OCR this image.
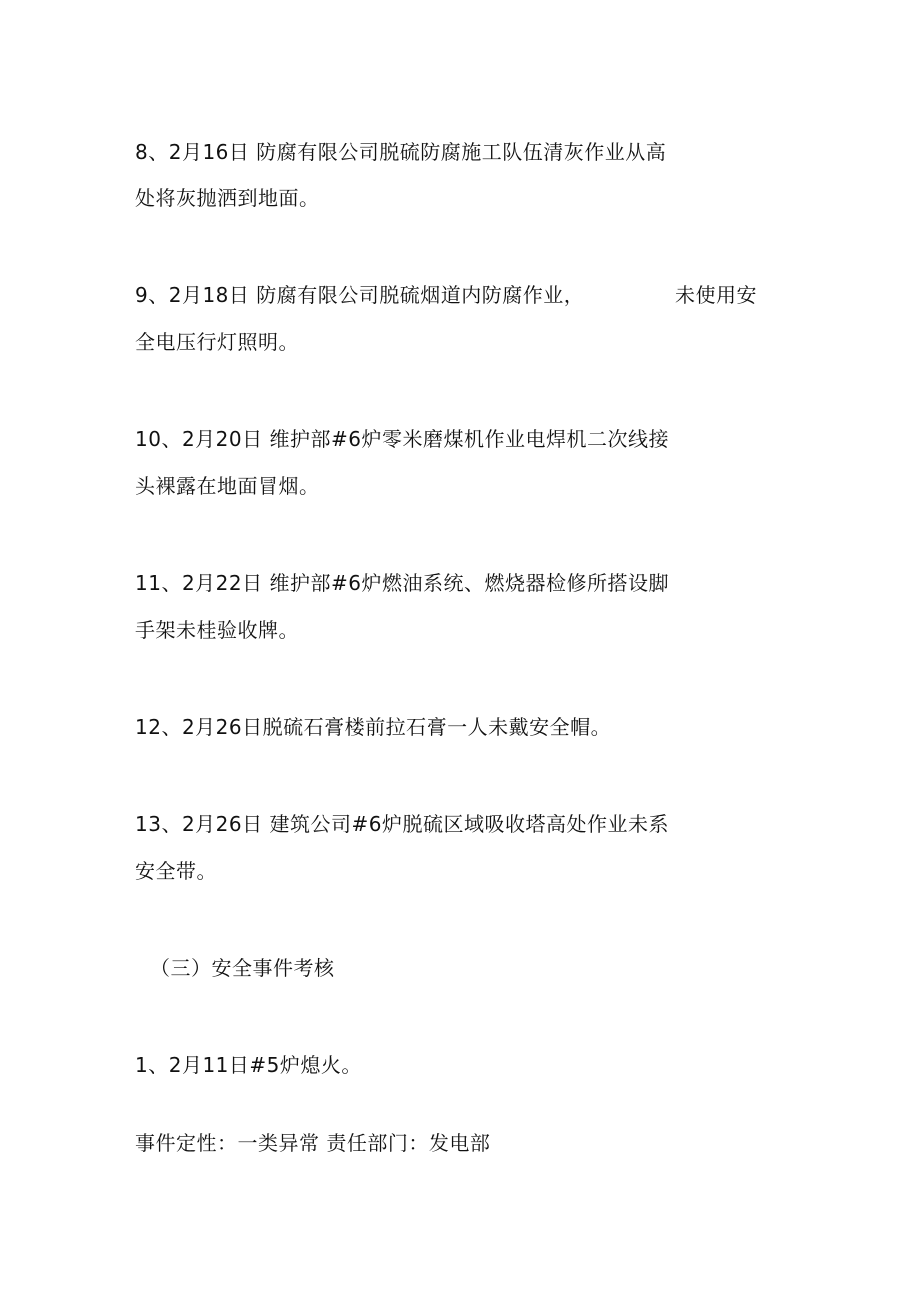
8、2月16日 防腐有限公司脱硫防腐施工队伍清灰作业从高
处将灰抛洒到地面。
9、2月18日 防腐有限公司脱硫烟道内防腐作业，	未使用安
全电压行灯照明。
10、2月20日 维护部#6炉零米磨煤机作业电焊机二次线接
头裸露在地面冒烟。
11、2月22日 维护部#6炉燃油系统、燃烧器检修所搭设脚
手架未桂验收牌。
12、2月26日脱硫石膏楼前拉石膏一人未戴安全帽。
13、2月26日 建筑公司#6炉脱硫区域吸收塔高处作业未系
安全带。
（三）安全事件考核
1、2月11日#5炉熄火。
事件定性：一类异常 责任部门：发电部
